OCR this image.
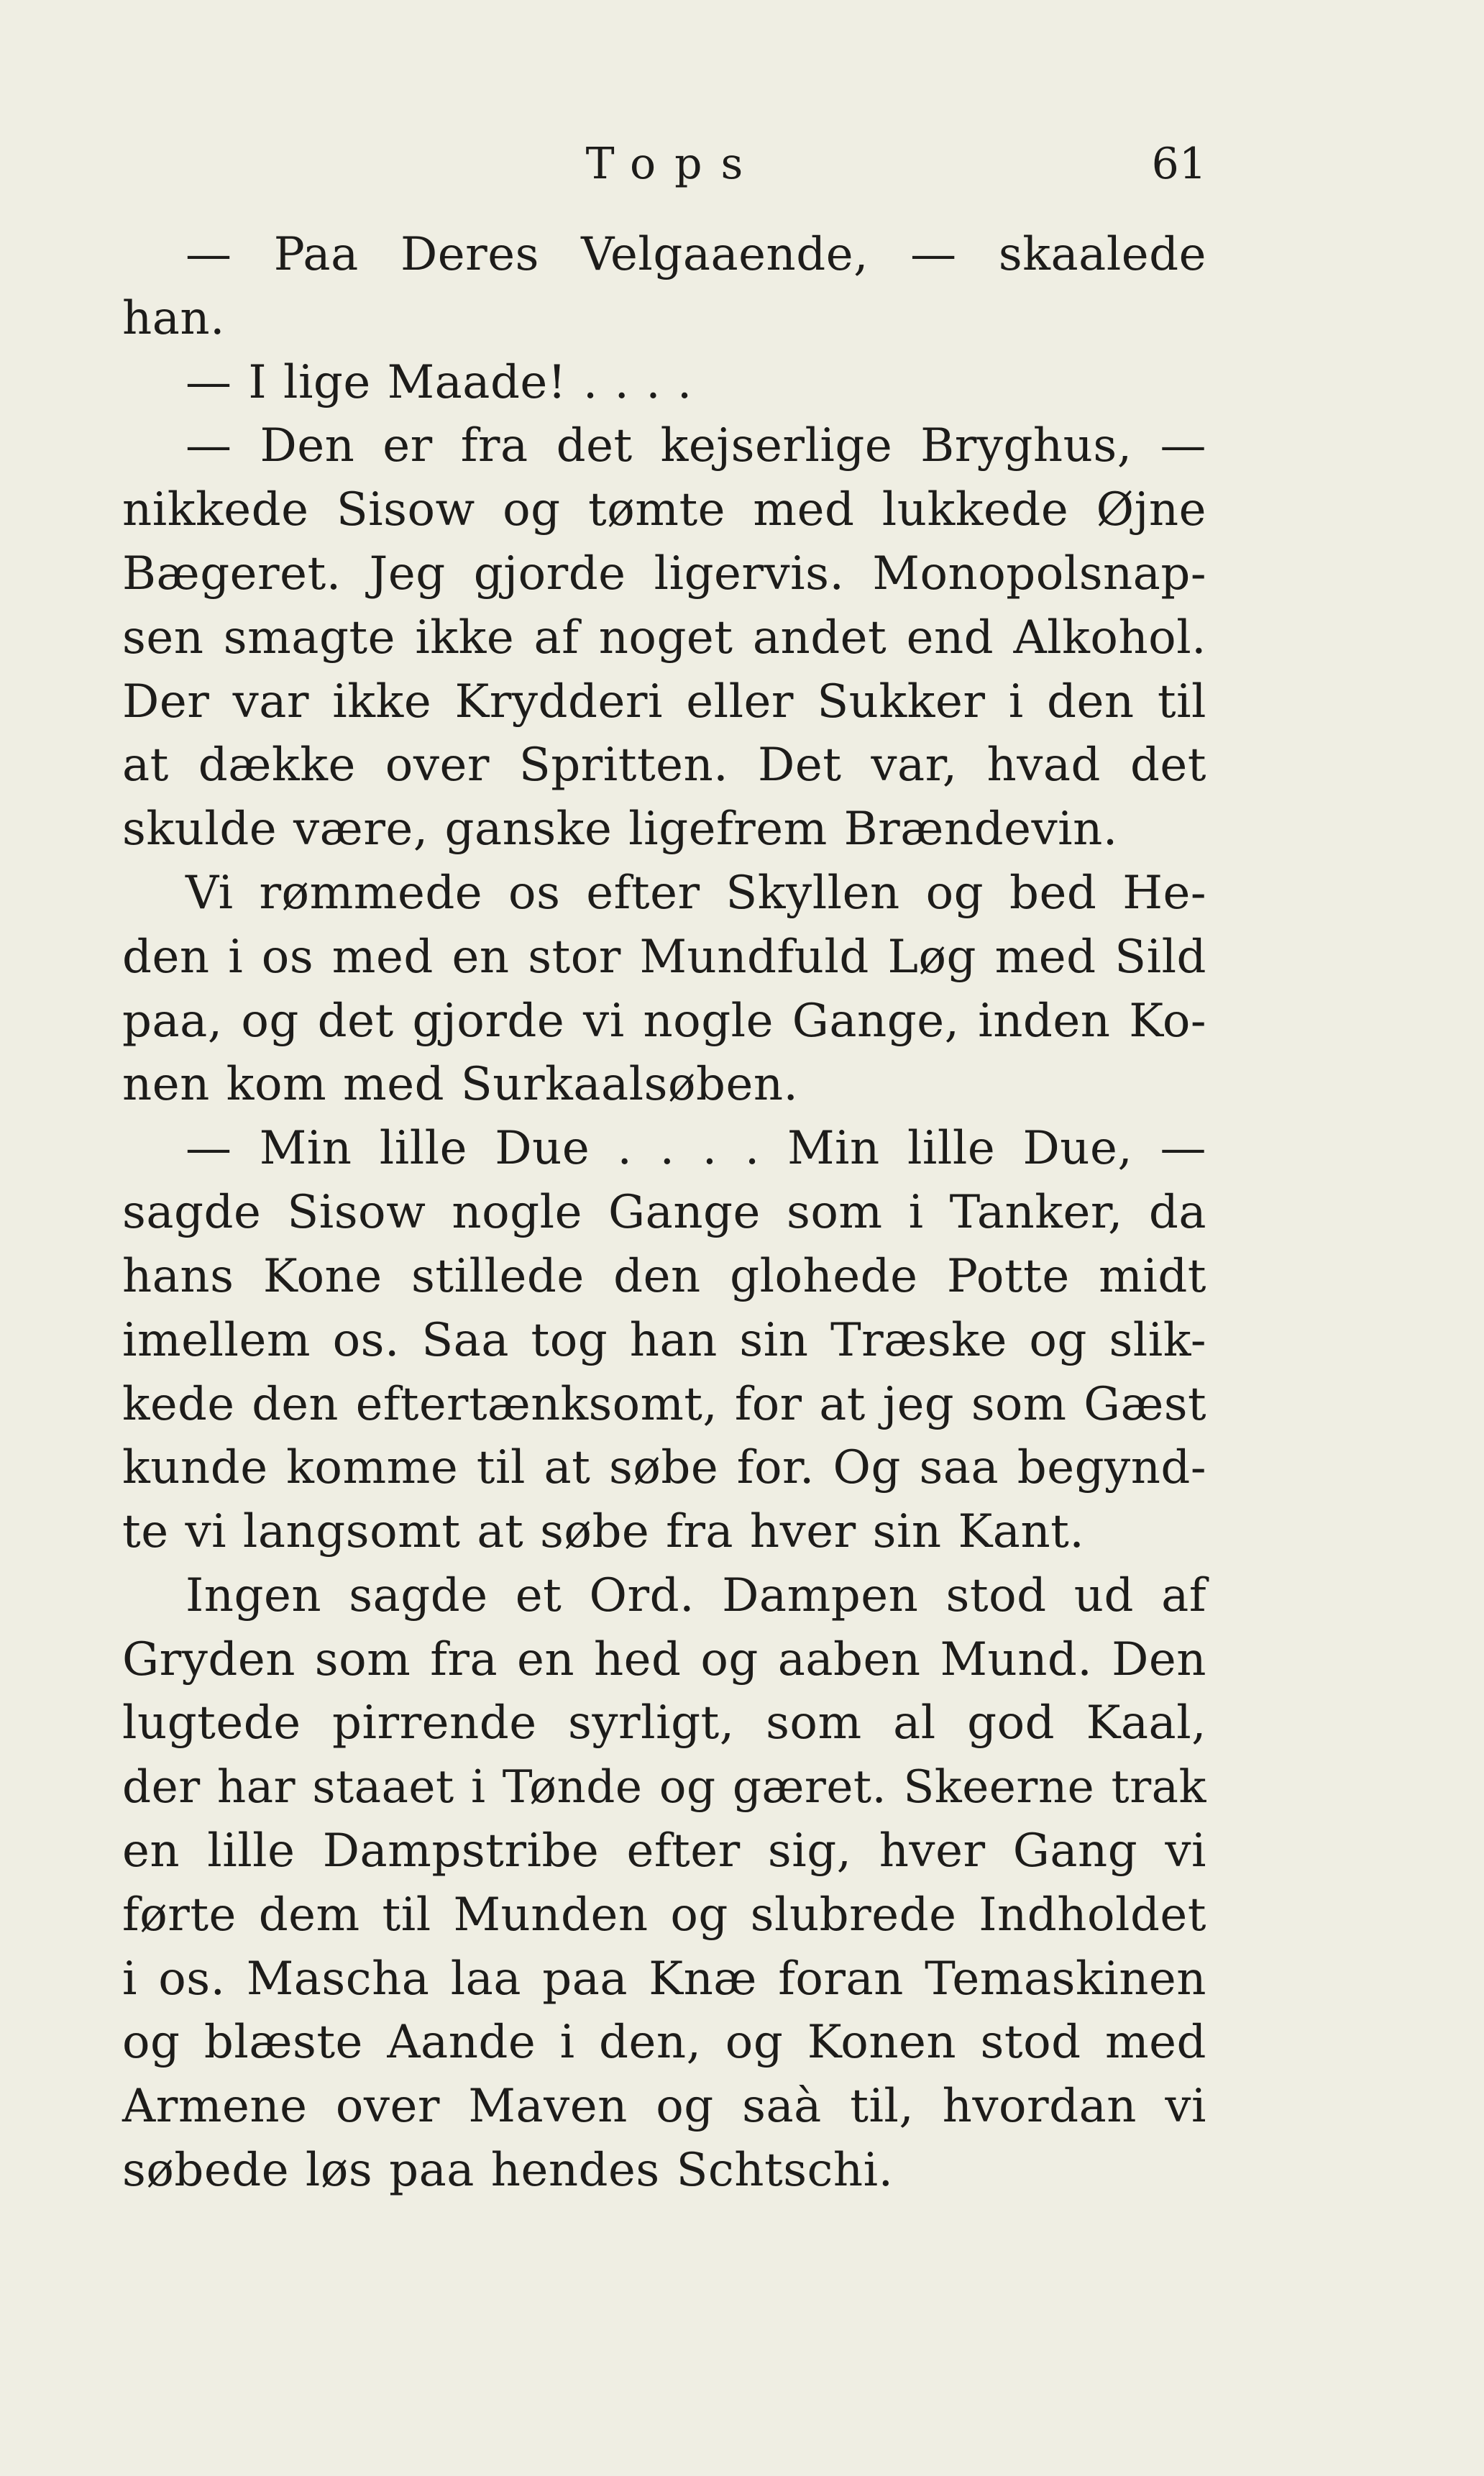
Tops	61
— Paa Deres Velgaaende, — skaalede
han.
— I lige Maade! . . . .
— Den er fra det kejserlige Bryghus, —
nikkede Sisow og tømte med lukkede Øjne
Bægeret. Jeg gjorde ligervis. Monopolsnap-
sen smagte ikke af noget andet end Alkohol.
Der var ikke Krydderi eller Sukker i den til
at dække over Spritten. Det var, hvad det
skulde være, ganske ligefrem Brændevin.
Vi rømmede os efter Skyllen og bed He-
den i os med en stor Mundfuld Løg med Sild
paa, og det gjorde vi nogle Gange, inden Ko-
nen kom med Surkaalsøben.
— Min lille Due . . . . Min lille Due, —
sagde Sisow nogle Gange som i Tanker, da
hans Kone stillede den glohede Potte midt
imellem os. Saa tog han sin Træske og slik-
kede den eftertænksomt, for at jeg som Gæst
kunde komme til at søbe for. Og saa begynd-
te vi langsomt at søbe fra hver sin Kant.
Ingen sagde et Ord. Dampen stod ud af
Gryden som fra en hed og aaben Mund. Den
lugtede pirrende syrligt, som al god Kaal,
der har staaet i Tønde og gæret. Skeerne trak
en lille Dampstribe efter sig, hver Gang vi
førte dem til Munden og slubrede Indholdet
i os. Mascha laa paa Knæ foran Temaskinen
og blæste Aande i den, og Konen stod med
Armene over Maven og saà til, hvordan vi
søbede løs paa hendes Schtschi.
